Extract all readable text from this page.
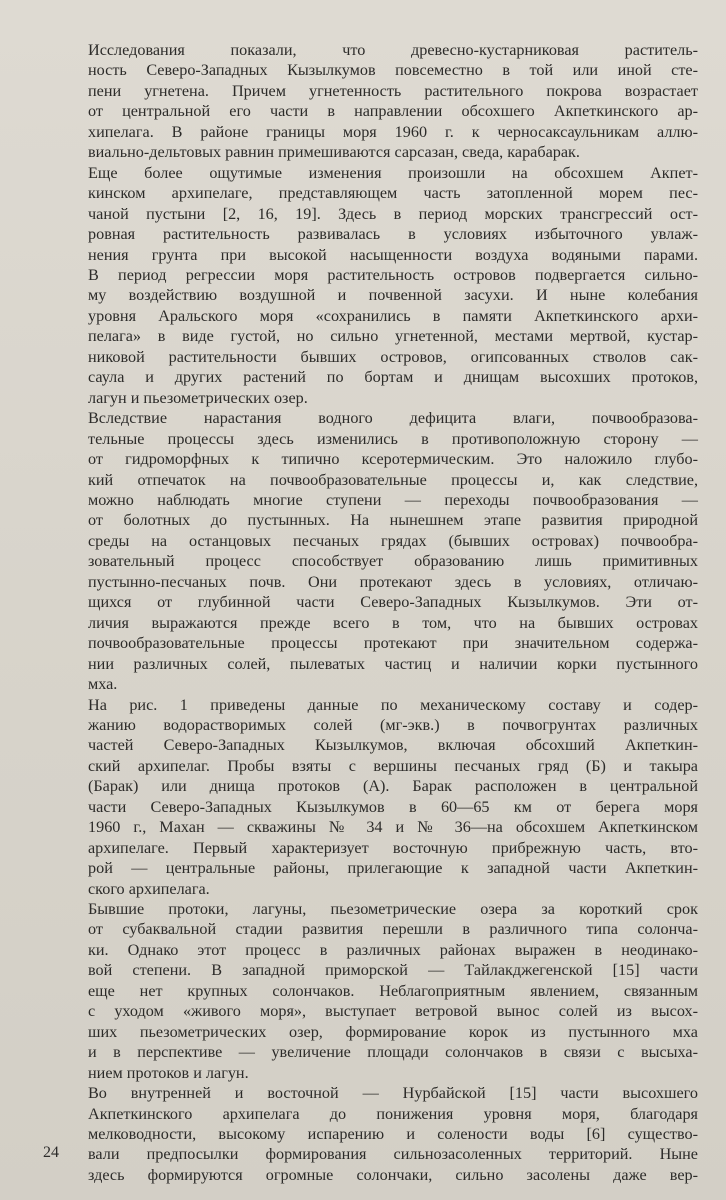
Исследования показали, что древесно-кустарниковая раститель-
ность Северо-Западных Кызылкумов повсеместно в той или иной сте-
пени угнетена. Причем угнетенность растительного покрова возрастает
от центральной его части в направлении обсохшего Акпеткинского ар-
хипелага. В районе границы моря 1960 г. к черносаксаульникам аллю-
виально-дельтовых равнин примешиваются сарсазан, сведа, карабарак.

Еще более ощутимые изменения произошли на обсохшем Акпет-
кинском архипелаге, представляющем часть затопленной морем пес-
чаной пустыни [2, 16, 19]. Здесь в период морских трансгрессий ост-
ровная растительность развивалась в условиях избыточного увлаж-
нения грунта при высокой насыщенности воздуха водяными парами.
В период регрессии моря растительность островов подвергается сильно-
му воздействию воздушной и почвенной засухи. И ныне колебания
уровня Аральского моря «сохранились в памяти Акпеткинского архи-
пелага» в виде густой, но сильно угнетенной, местами мертвой, кустар-
никовой растительности бывших островов, огипсованных стволов сак-
саула и других растений по бортам и днищам высохших протоков,
лагун и пьезометрических озер.

Вследствие нарастания водного дефицита влаги, почвообразова-
тельные процессы здесь изменились в противоположную сторону —
от гидроморфных к типично ксеротермическим. Это наложило глубо-
кий отпечаток на почвообразовательные процессы и, как следствие,
можно наблюдать многие ступени — переходы почвообразования —
от болотных до пустынных. На нынешнем этапе развития природной
среды на останцовых песчаных грядах (бывших островах) почвообра-
зовательный процесс способствует образованию лишь примитивных
пустынно-песчаных почв. Они протекают здесь в условиях, отличаю-
щихся от глубинной части Северо-Западных Кызылкумов. Эти от-
личия выражаются прежде всего в том, что на бывших островах
почвообразовательные процессы протекают при значительном содержа-
нии различных солей, пылеватых частиц и наличии корки пустынного
мха.

На рис. 1 приведены данные по механическому составу и содер-
жанию водорастворимых солей (мг-экв.) в почвогрунтах различных
частей Северо-Западных Кызылкумов, включая обсохший Акпеткин-
ский архипелаг. Пробы взяты с вершины песчаных гряд (Б) и такыра
(Барак) или днища протоков (А). Барак расположен в центральной
части Северо-Западных Кызылкумов в 60—65 км от берега моря
1960 г., Махан — скважины № 34 и № 36—на обсохшем Акпеткинском
архипелаге. Первый характеризует восточную прибрежную часть, вто-
рой — центральные районы, прилегающие к западной части Акпеткин-
ского архипелага.

Бывшие протоки, лагуны, пьезометрические озера за короткий срок
от субаквальной стадии развития перешли в различного типа солончa-
ки. Однако этот процесс в различных районах выражен в неодинако-
вой степени. В западной приморской — Тайлакджегенской [15] части
еще нет крупных солончаков. Неблагоприятным явлением, связанным
с уходом «живого моря», выступает ветровой вынос солей из высох-
ших пьезометрических озер, формирование корок из пустынного мха
и в перспективе — увеличение площади солончаков в связи с высыха-
нием протоков и лагун.

Во внутренней и восточной — Нурбайской [15] части высохшего
Акпеткинского архипелага до понижения уровня моря, благодаря
мелководности, высокому испарению и солености воды [6] существо-
вали предпосылки формирования сильнозасоленных территорий. Ныне
здесь формируются огромные солончаки, сильно засолены даже вер-

24
